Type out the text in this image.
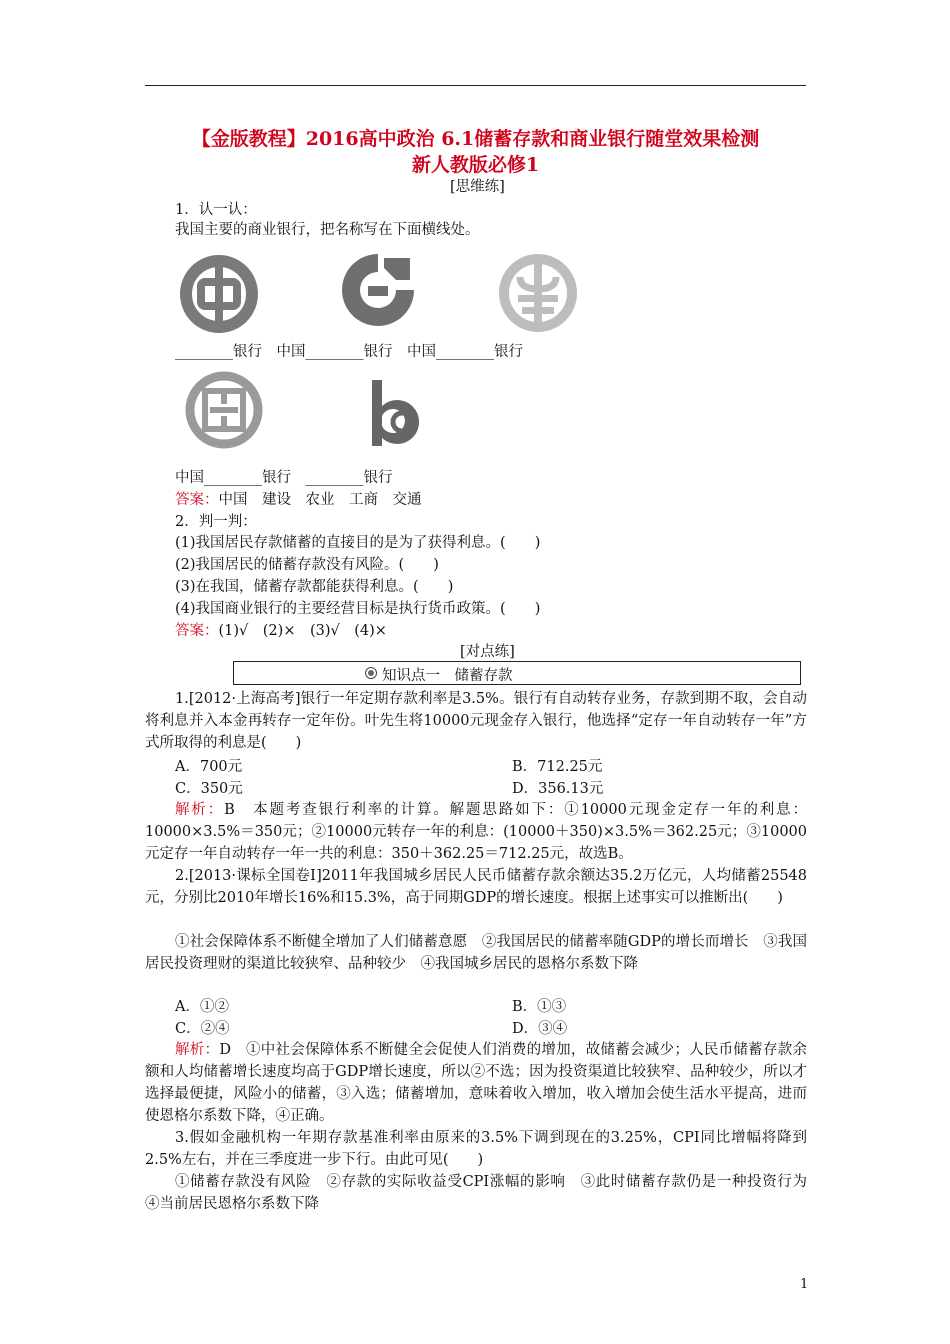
【金版教程】2016高中政治 6.1储蓄存款和商业银行随堂效果检测
新人教版必修1
[思维练]
1．认一认：
我国主要的商业银行，把名称写在下面横线处。
________银行　中国________银行　中国________银行
中国________银行　________银行
答案：中国　建设　农业　工商　交通
2．判一判：
(1)我国居民存款储蓄的直接目的是为了获得利息。(　　)
(2)我国居民的储蓄存款没有风险。(　　)
(3)在我国，储蓄存款都能获得利息。(　　)
(4)我国商业银行的主要经营目标是执行货币政策。(　　)
答案：(1)√　(2)×　(3)√　(4)×
[对点练]
知识点一　储蓄存款
1.[2012·上海高考]银行一年定期存款利率是3.5%。银行有自动转存业务，存款到期不取，会自动将利息并入本金再转存一定年份。叶先生将10000元现金存入银行，他选择“定存一年自动转存一年”方式所取得的利息是(　　)
A．700元	B．712.25元
C．350元	D．356.13元
解析：B　本题考查银行利率的计算。解题思路如下：①10000元现金定存一年的利息：10000×3.5%＝350元；②10000元转存一年的利息：(10000＋350)×3.5%＝362.25元；③10000元定存一年自动转存一年一共的利息：350＋362.25＝712.25元，故选B。
2.[2013·课标全国卷Ⅰ]2011年我国城乡居民人民币储蓄存款余额达35.2万亿元，人均储蓄25548元，分别比2010年增长16%和15.3%，高于同期GDP的增长速度。根据上述事实可以推断出(　　)
①社会保障体系不断健全增加了人们储蓄意愿　②我国居民的储蓄率随GDP的增长而增长　③我国居民投资理财的渠道比较狭窄、品种较少　④我国城乡居民的恩格尔系数下降
A．①②	B．①③
C．②④	D．③④
解析：D　①中社会保障体系不断健全会促使人们消费的增加，故储蓄会减少；人民币储蓄存款余额和人均储蓄增长速度均高于GDP增长速度，所以②不选；因为投资渠道比较狭窄、品种较少，所以才选择最便捷，风险小的储蓄，③入选；储蓄增加，意味着收入增加，收入增加会使生活水平提高，进而使恩格尔系数下降，④正确。
3.假如金融机构一年期存款基准利率由原来的3.5%下调到现在的3.25%，CPI同比增幅将降到2.5%左右，并在三季度进一步下行。由此可见(　　)
①储蓄存款没有风险　②存款的实际收益受CPI涨幅的影响　③此时储蓄存款仍是一种投资行为　④当前居民恩格尔系数下降
1
